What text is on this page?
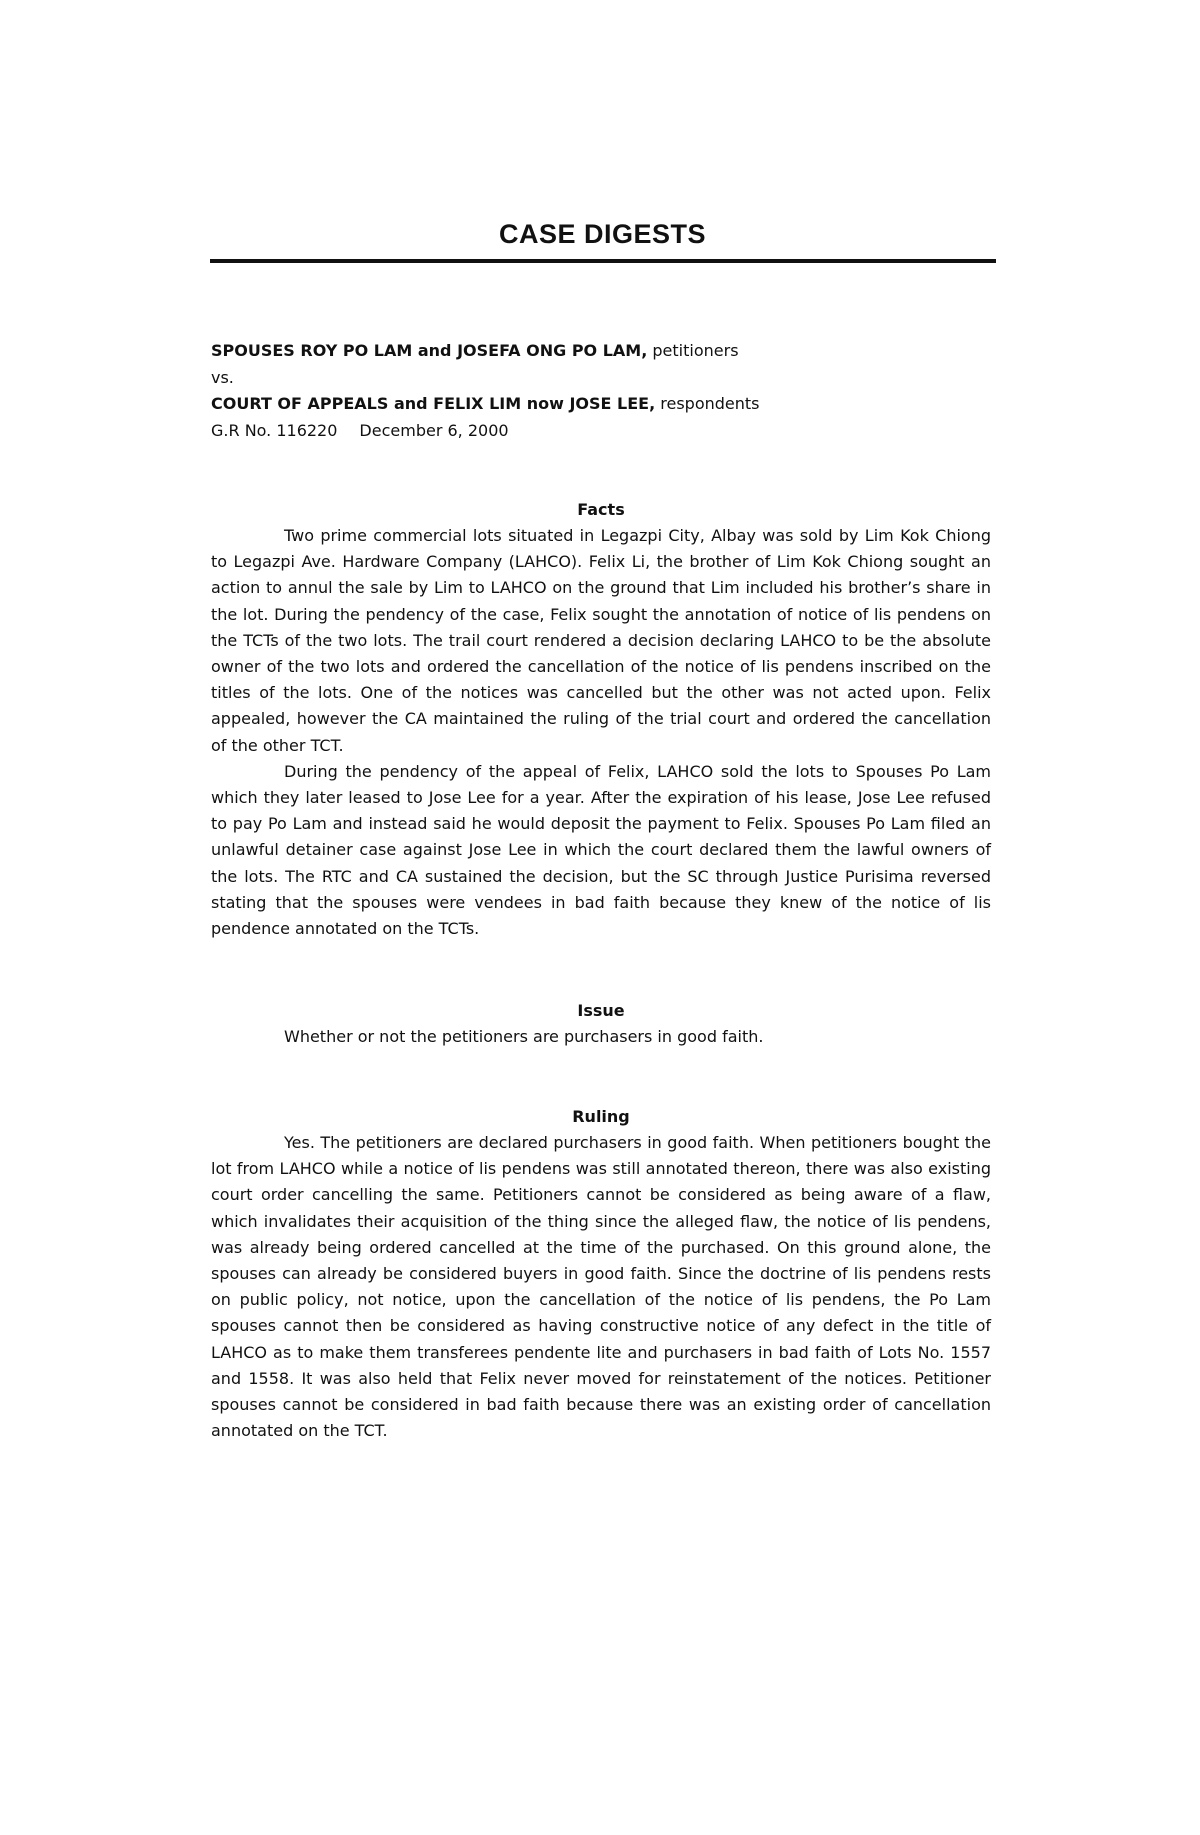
CASE DIGESTS
SPOUSES ROY PO LAM and JOSEFA ONG PO LAM, petitioners
vs.
COURT OF APPEALS and FELIX LIM now JOSE LEE, respondents
G.R No. 116220 December 6, 2000
Facts

Two prime commercial lots situated in Legazpi City, Albay was sold by Lim Kok Chiong to Legazpi Ave. Hardware Company (LAHCO). Felix Li, the brother of Lim Kok Chiong sought an action to annul the sale by Lim to LAHCO on the ground that Lim included his brother’s share in the lot. During the pendency of the case, Felix sought the annotation of notice of lis pendens on the TCTs of the two lots. The trail court rendered a decision declaring LAHCO to be the absolute owner of the two lots and ordered the cancellation of the notice of lis pendens inscribed on the titles of the lots. One of the notices was cancelled but the other was not acted upon. Felix appealed, however the CA maintained the ruling of the trial court and ordered the cancellation of the other TCT.

During the pendency of the appeal of Felix, LAHCO sold the lots to Spouses Po Lam which they later leased to Jose Lee for a year. After the expiration of his lease, Jose Lee refused to pay Po Lam and instead said he would deposit the payment to Felix. Spouses Po Lam filed an unlawful detainer case against Jose Lee in which the court declared them the lawful owners of the lots. The RTC and CA sustained the decision, but the SC through Justice Purisima reversed stating that the spouses were vendees in bad faith because they knew of the notice of lis pendence annotated on the TCTs.

Issue

Whether or not the petitioners are purchasers in good faith.

Ruling

Yes. The petitioners are declared purchasers in good faith. When petitioners bought the lot from LAHCO while a notice of lis pendens was still annotated thereon, there was also existing court order cancelling the same. Petitioners cannot be considered as being aware of a flaw, which invalidates their acquisition of the thing since the alleged flaw, the notice of lis pendens, was already being ordered cancelled at the time of the purchased. On this ground alone, the spouses can already be considered buyers in good faith. Since the doctrine of lis pendens rests on public policy, not notice, upon the cancellation of the notice of lis pendens, the Po Lam spouses cannot then be considered as having constructive notice of any defect in the title of LAHCO as to make them transferees pendente lite and purchasers in bad faith of Lots No. 1557 and 1558. It was also held that Felix never moved for reinstatement of the notices. Petitioner spouses cannot be considered in bad faith because there was an existing order of cancellation annotated on the TCT.
